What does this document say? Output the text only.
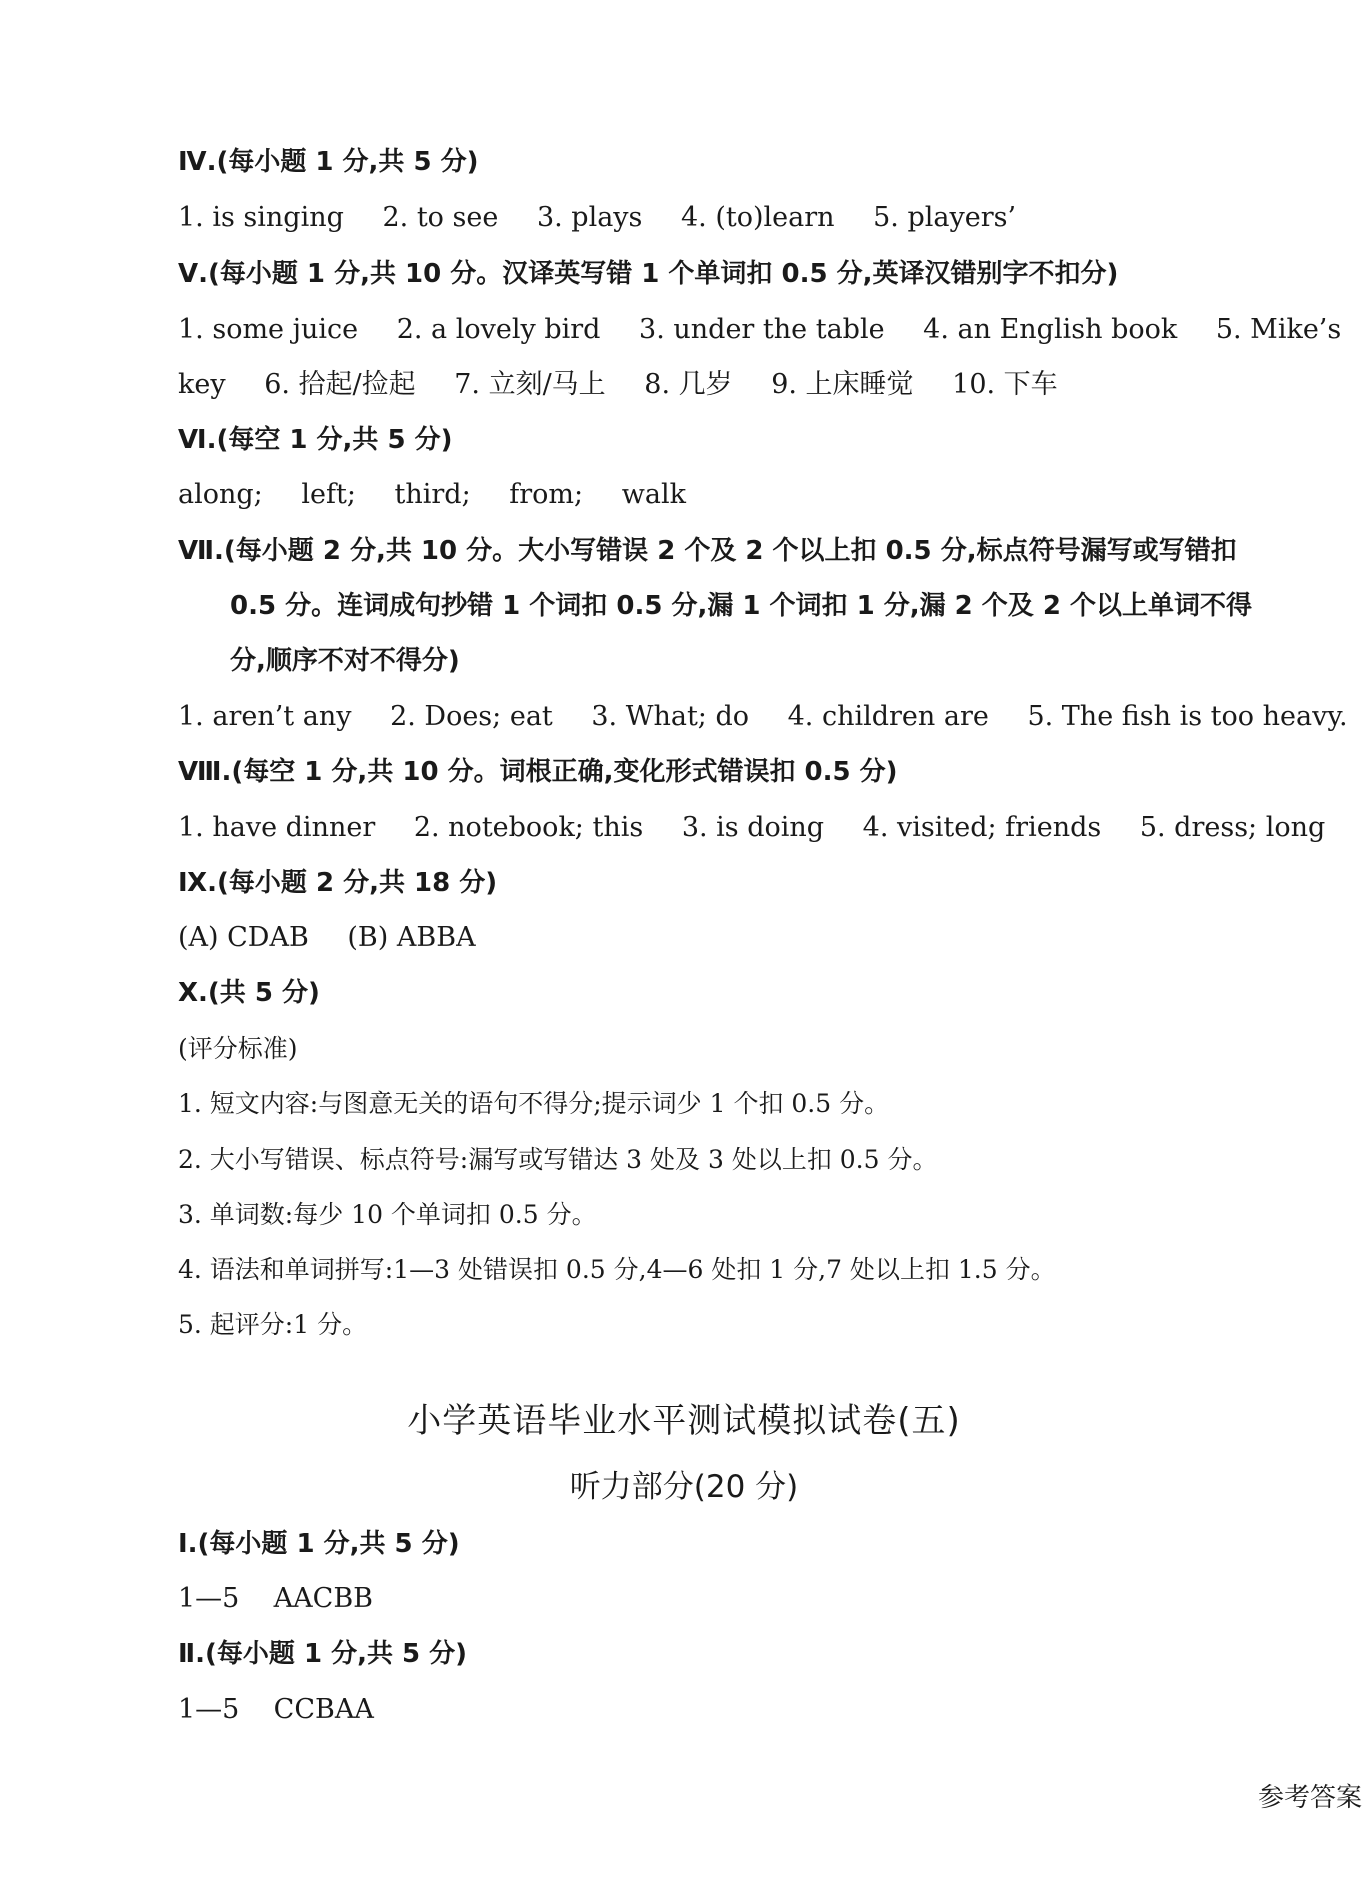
Ⅳ.(每小题 1 分,共 5 分)
1. is singing 2. to see 3. plays 4. (to)learn 5. players’
Ⅴ.(每小题 1 分,共 10 分。汉译英写错 1 个单词扣 0.5 分,英译汉错别字不扣分)
1. some juice 2. a lovely bird 3. under the table 4. an English book 5. Mike’s
key 6. 拾起/捡起 7. 立刻/马上 8. 几岁 9. 上床睡觉 10. 下车
Ⅵ.(每空 1 分,共 5 分)
along; left; third; from; walk
Ⅶ.(每小题 2 分,共 10 分。大小写错误 2 个及 2 个以上扣 0.5 分,标点符号漏写或写错扣
0.5 分。连词成句抄错 1 个词扣 0.5 分,漏 1 个词扣 1 分,漏 2 个及 2 个以上单词不得
分,顺序不对不得分)
1. aren’t any 2. Does; eat 3. What; do 4. children are 5. The fish is too heavy.
Ⅷ.(每空 1 分,共 10 分。词根正确,变化形式错误扣 0.5 分)
1. have dinner 2. notebook; this 3. is doing 4. visited; friends 5. dress; long
Ⅸ.(每小题 2 分,共 18 分)
(A) CDAB (B) ABBA
Ⅹ.(共 5 分)
(评分标准)
1. 短文内容:与图意无关的语句不得分;提示词少 1 个扣 0.5 分。
2. 大小写错误、标点符号:漏写或写错达 3 处及 3 处以上扣 0.5 分。
3. 单词数:每少 10 个单词扣 0.5 分。
4. 语法和单词拼写:1—3 处错误扣 0.5 分,4—6 处扣 1 分,7 处以上扣 1.5 分。
5. 起评分:1 分。
小学英语毕业水平测试模拟试卷(五)
听力部分(20 分)
Ⅰ.(每小题 1 分,共 5 分)
1—5    AACBB
Ⅱ.(每小题 1 分,共 5 分)
1—5    CCBAA
参考答案
